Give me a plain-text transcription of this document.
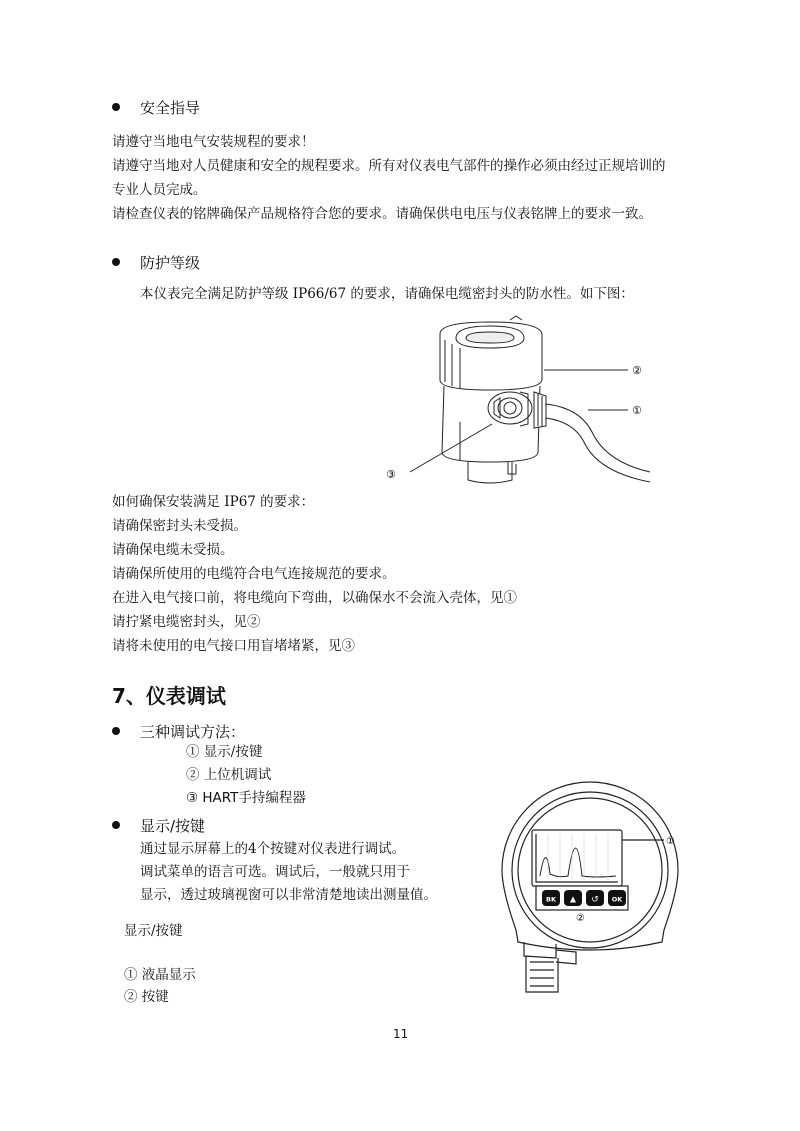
安全指导
请遵守当地电气安装规程的要求！
请遵守当地对人员健康和安全的规程要求。所有对仪表电气部件的操作必须由经过正规培训的
专业人员完成。
请检查仪表的铭牌确保产品规格符合您的要求。请确保供电电压与仪表铭牌上的要求一致。
防护等级
本仪表完全满足防护等级 IP66/67 的要求，请确保电缆密封头的防水性。如下图：
②
①
③
如何确保安装满足 IP67 的要求：
请确保密封头未受损。
请确保电缆未受损。
请确保所使用的电缆符合电气连接规范的要求。
在进入电气接口前，将电缆向下弯曲，以确保水不会流入壳体，见①
请拧紧电缆密封头，见②
请将未使用的电气接口用盲堵堵紧，见③
7、仪表调试
三种调试方法：
① 显示/按键
② 上位机调试
③ HART手持编程器
显示/按键
通过显示屏幕上的4个按键对仪表进行调试。
调试菜单的语言可选。调试后，一般就只用于
显示，透过玻璃视窗可以非常清楚地读出测量值。
显示/按键
① 液晶显示
② 按键
BK ▲ ↺ OK
①
②
11
